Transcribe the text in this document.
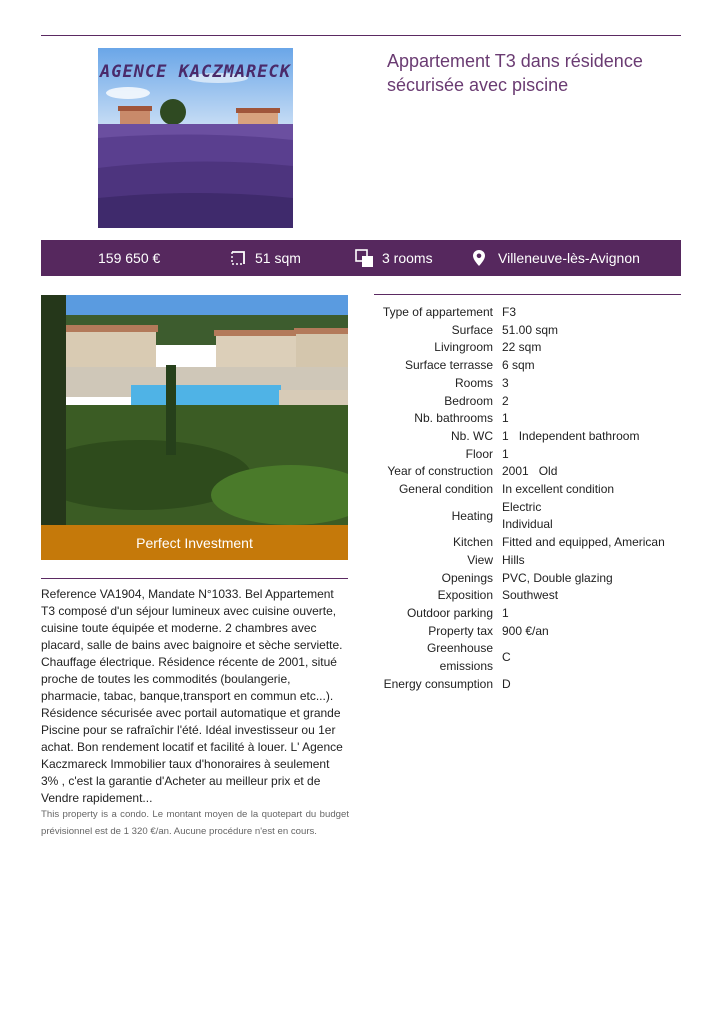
AGENCE KACZMARECK
Appartement T3 dans résidence sécurisée avec piscine
159 650 €	51 sqm	3 rooms	Villeneuve-lès-Avignon
Perfect Investment
Reference VA1904, Mandate N°1033. Bel Appartement T3 composé d'un séjour lumineux avec cuisine ouverte, cuisine toute équipée et moderne. 2 chambres avec placard, salle de bains avec baignoire et sèche serviette. Chauffage électrique. Résidence récente de 2001, situé proche de toutes les commodités (boulangerie, pharmacie, tabac, banque,transport en commun etc...). Résidence sécurisée avec portail automatique et grande Piscine pour se rafraîchir l'été. Idéal investisseur ou 1er achat. Bon rendement locatif et facilité à louer. L' Agence Kaczmareck Immobilier taux d'honoraires à seulement 3% , c'est la garantie d'Acheter au meilleur prix et de Vendre rapidement...
This property is a condo. Le montant moyen de la quotepart du budget prévisionnel est de 1 320 €/an. Aucune procédure n'est en cours.
Type of appartement F3
Surface 51.00 sqm
Livingroom 22 sqm
Surface terrasse 6 sqm
Rooms 3
Bedroom 2
Nb. bathrooms 1
Nb. WC 1 Independent bathroom
Floor 1
Year of construction 2001 Old
General condition In excellent condition
Heating
Electric
Individual
Kitchen Fitted and equipped, American
View Hills
Openings PVC, Double glazing
Exposition Southwest
Outdoor parking 1
Property tax 900 €/an
Greenhouse
emissions
C
Energy consumption D
